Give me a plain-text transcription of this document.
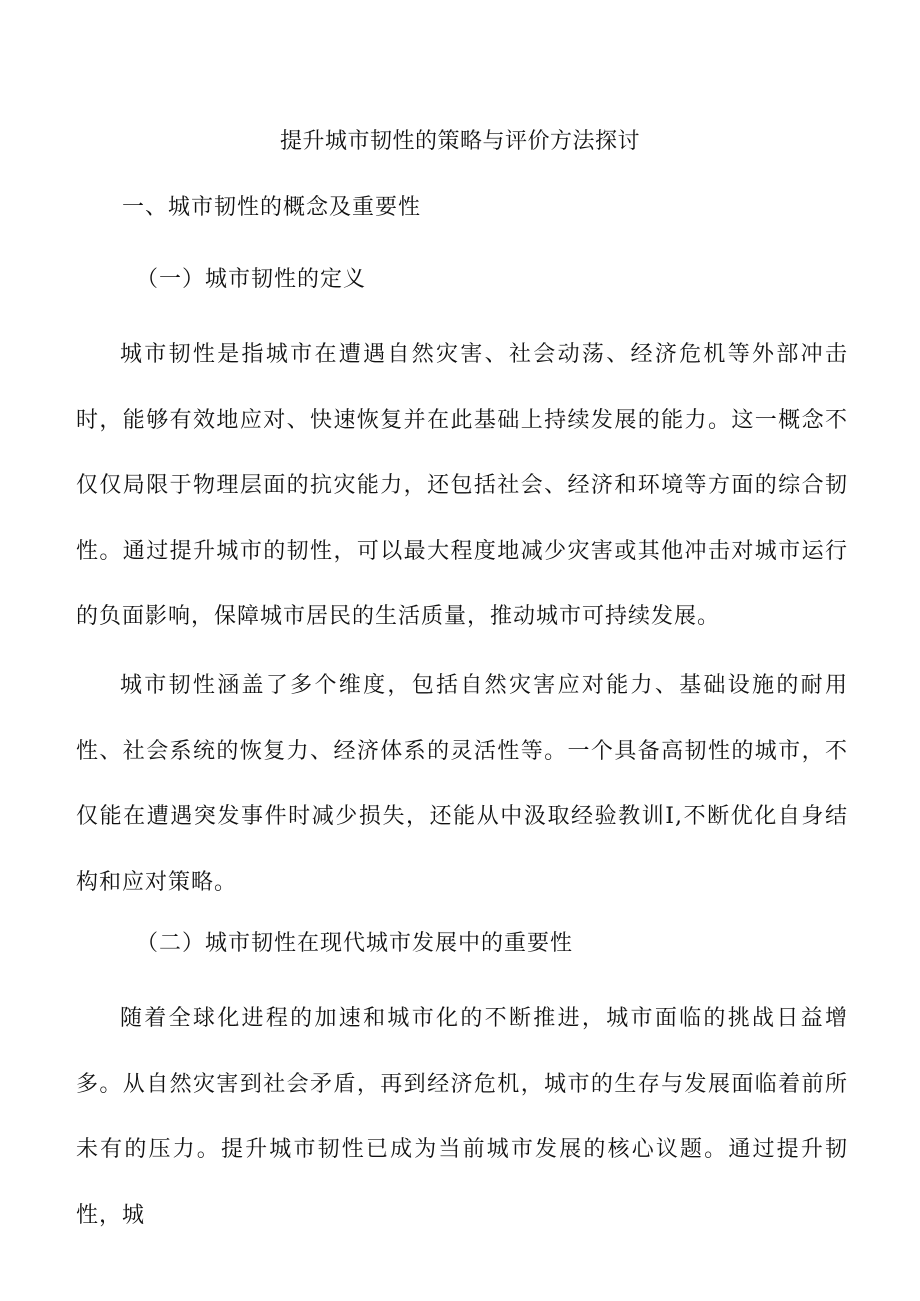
提升城市韧性的策略与评价方法探讨
一、城市韧性的概念及重要性
（一）城市韧性的定义

城市韧性是指城市在遭遇自然灾害、社会动荡、经济危机等外部冲击时，能够有效地应对、快速恢复并在此基础上持续发展的能力。这一概念不仅仅局限于物理层面的抗灾能力，还包括社会、经济和环境等方面的综合韧性。通过提升城市的韧性，可以最大程度地减少灾害或其他冲击对城市运行的负面影响，保障城市居民的生活质量，推动城市可持续发展。

城市韧性涵盖了多个维度，包括自然灾害应对能力、基础设施的耐用性、社会系统的恢复力、经济体系的灵活性等。一个具备高韧性的城市，不仅能在遭遇突发事件时减少损失，还能从中汲取经验教训I,不断优化自身结构和应对策略。

（二）城市韧性在现代城市发展中的重要性

随着全球化进程的加速和城市化的不断推进，城市面临的挑战日益增多。从自然灾害到社会矛盾，再到经济危机，城市的生存与发展面临着前所未有的压力。提升城市韧性已成为当前城市发展的核心议题。通过提升韧性，城
